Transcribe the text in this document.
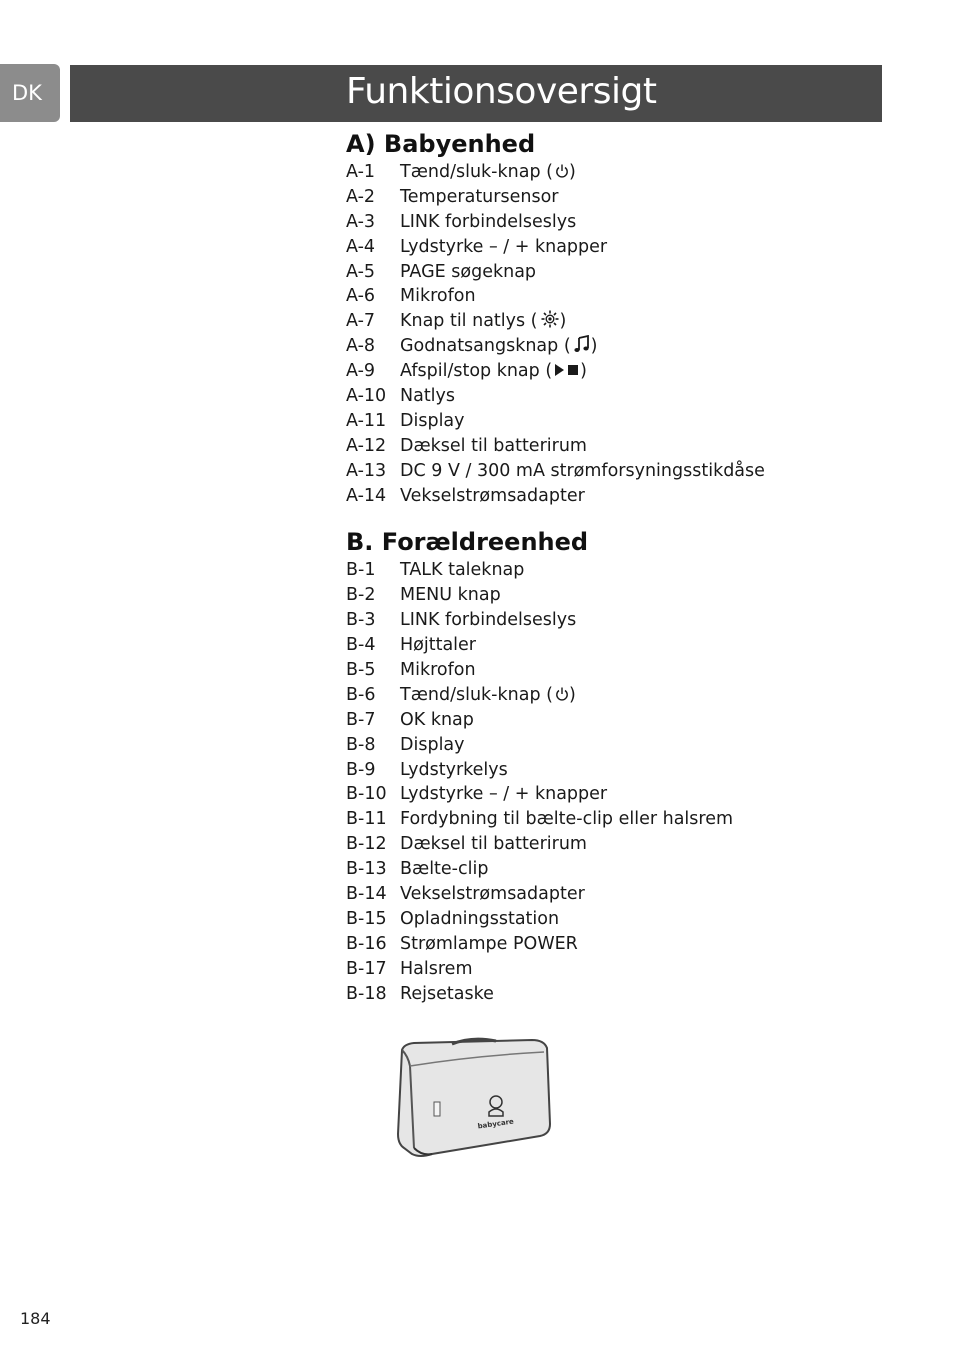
DK	Funktionsoversigt
A) Babyenhed
A-1	Tænd/sluk-knap ( )
A-2	Temperatursensor
A-3	LINK forbindelseslys
A-4	Lydstyrke – / + knapper
A-5	PAGE søgeknap
A-6	Mikrofon
A-7	Knap til natlys ( )
A-8	Godnatsangsknap ( )
A-9	Afspil/stop knap ( )
A-10 Natlys
A-11 Display
A-12 Dæksel til batterirum
A-13 DC 9 V / 300 mA strømforsyningsstikdåse
A-14 Vekselstrømsadapter
B. Forældreenhed
B-1	TALK taleknap
B-2	MENU knap
B-3	LINK forbindelseslys
B-4	Højttaler
B-5	Mikrofon
B-6	Tænd/sluk-knap ( )
B-7	OK knap
B-8	Display
B-9	Lydstyrkelys
B-10 Lydstyrke – / + knapper
B-11 Fordybning til bælte-clip eller halsrem
B-12 Dæksel til batterirum
B-13 Bælte-clip
B-14 Vekselstrømsadapter
B-15 Opladningsstation
B-16 Strømlampe POWER
B-17 Halsrem
B-18 Rejsetaske
babycare
184
